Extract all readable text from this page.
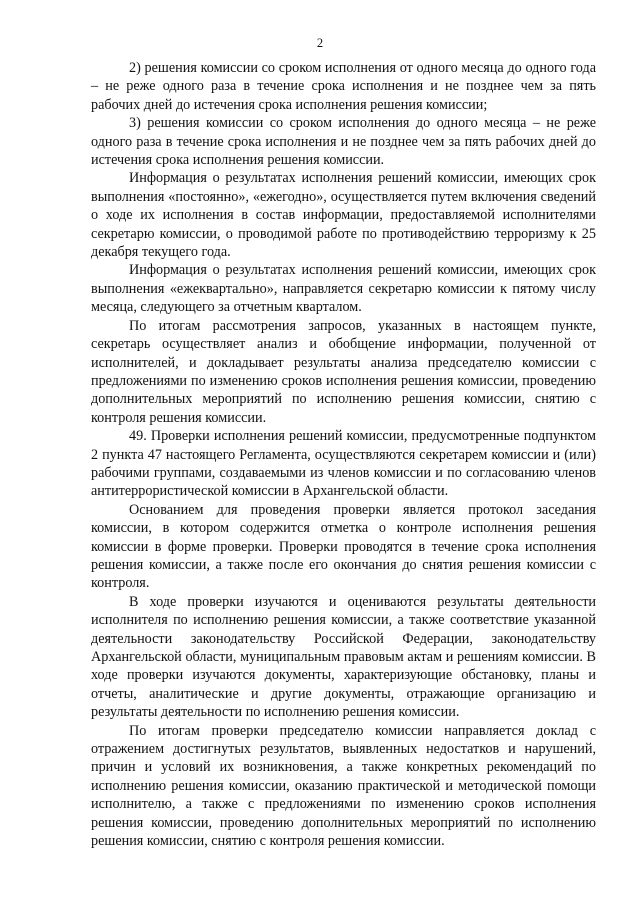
2

2) решения комиссии со сроком исполнения от одного месяца до одного года – не реже одного раза в течение срока исполнения и не позднее чем за пять рабочих дней до истечения срока исполнения решения комиссии;

3) решения комиссии со сроком исполнения до одного месяца – не реже одного раза в течение срока исполнения и не позднее чем за пять рабочих дней до истечения срока исполнения решения комиссии.

Информация о результатах исполнения решений комиссии, имеющих срок выполнения «постоянно», «ежегодно», осуществляется путем включения сведений о ходе их исполнения в состав информации, предоставляемой исполнителями секретарю комиссии, о проводимой работе по противодействию терроризму к 25 декабря текущего года.

Информация о результатах исполнения решений комиссии, имеющих срок выполнения «ежеквартально», направляется секретарю комиссии к пятому числу месяца, следующего за отчетным кварталом.

По итогам рассмотрения запросов, указанных в настоящем пункте, секретарь осуществляет анализ и обобщение информации, полученной от исполнителей, и докладывает результаты анализа председателю комиссии с предложениями по изменению сроков исполнения решения комиссии, проведению дополнительных мероприятий по исполнению решения комиссии, снятию с контроля решения комиссии.

49. Проверки исполнения решений комиссии, предусмотренные подпунктом 2 пункта 47 настоящего Регламента, осуществляются секретарем комиссии и (или) рабочими группами, создаваемыми из членов комиссии и по согласованию членов антитеррористической комиссии в Архангельской области.

Основанием для проведения проверки является протокол заседания комиссии, в котором содержится отметка о контроле исполнения решения комиссии в форме проверки. Проверки проводятся в течение срока исполнения решения комиссии, а также после его окончания до снятия решения комиссии с контроля.

В ходе проверки изучаются и оцениваются результаты деятельности исполнителя по исполнению решения комиссии, а также соответствие указанной деятельности законодательству Российской Федерации, законодательству Архангельской области, муниципальным правовым актам и решениям комиссии. В ходе проверки изучаются документы, характеризующие обстановку, планы и отчеты, аналитические и другие документы, отражающие организацию и результаты деятельности по исполнению решения комиссии.

По итогам проверки председателю комиссии направляется доклад с отражением достигнутых результатов, выявленных недостатков и нарушений, причин и условий их возникновения, а также конкретных рекомендаций по исполнению решения комиссии, оказанию практической и методической помощи исполнителю, а также с предложениями по изменению сроков исполнения решения комиссии, проведению дополнительных мероприятий по исполнению решения комиссии, снятию с контроля решения комиссии.
